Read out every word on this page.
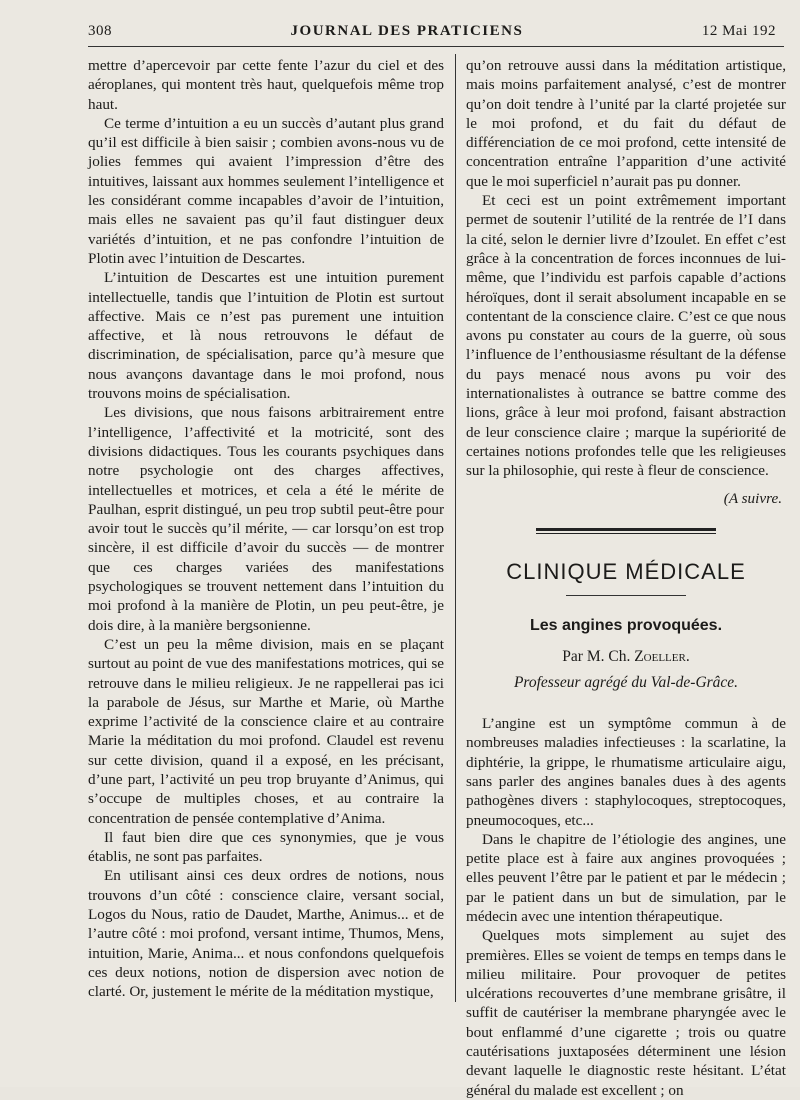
308	JOURNAL DES PRATICIENS	12 Mai 192

mettre d’apercevoir par cette fente l’azur du ciel et des aéroplanes, qui montent très haut, quelquefois même trop haut.

Ce terme d’intuition a eu un succès d’autant plus grand qu’il est difficile à bien saisir ; combien avons-nous vu de jolies femmes qui avaient l’impression d’être des intuitives, laissant aux hommes seulement l’intelligence et les considérant comme incapables d’avoir de l’intuition, mais elles ne savaient pas qu’il faut distinguer deux variétés d’intuition, et ne pas confondre l’intuition de Plotin avec l’intuition de Descartes.

L’intuition de Descartes est une intuition purement intellectuelle, tandis que l’intuition de Plotin est surtout affective. Mais ce n’est pas purement une intuition affective, et là nous retrouvons le défaut de discrimination, de spécialisation, parce qu’à mesure que nous avançons davantage dans le moi profond, nous trouvons moins de spécialisation.

Les divisions, que nous faisons arbitrairement entre l’intelligence, l’affectivité et la motricité, sont des divisions didactiques. Tous les courants psychiques dans notre psychologie ont des charges affectives, intellectuelles et motrices, et cela a été le mérite de Paulhan, esprit distingué, un peu trop subtil peut-être pour avoir tout le succès qu’il mérite, — car lorsqu’on est trop sincère, il est difficile d’avoir du succès — de montrer que ces charges variées des manifestations psychologiques se trouvent nettement dans l’intuition du moi profond à la manière de Plotin, un peu peut-être, je dois dire, à la manière bergsonienne.

C’est un peu la même division, mais en se plaçant surtout au point de vue des manifestations motrices, qui se retrouve dans le milieu religieux. Je ne rappellerai pas ici la parabole de Jésus, sur Marthe et Marie, où Marthe exprime l’activité de la conscience claire et au contraire Marie la méditation du moi profond. Claudel est revenu sur cette division, quand il a exposé, en les précisant, d’une part, l’activité un peu trop bruyante d’Animus, qui s’occupe de multiples choses, et au contraire la concentration de pensée contemplative d’Anima.

Il faut bien dire que ces synonymies, que je vous établis, ne sont pas parfaites.

En utilisant ainsi ces deux ordres de notions, nous trouvons d’un côté : conscience claire, versant social, Logos du Nous, ratio de Daudet, Marthe, Animus... et de l’autre côté : moi profond, versant intime, Thumos, Mens, intuition, Marie, Anima... et nous confondons quelquefois ces deux notions, notion de dispersion avec notion de clarté. Or, justement le mérite de la méditation mystique,

qu’on retrouve aussi dans la méditation artistique, mais moins parfaitement analysé, c’est de montrer qu’on doit tendre à l’unité par la clarté projetée sur le moi profond, et du fait du défaut de différenciation de ce moi profond, cette intensité de concentration entraîne l’apparition d’une activité que le moi superficiel n’aurait pas pu donner.

Et ceci est un point extrêmement important permet de soutenir l’utilité de la rentrée de l’I dans la cité, selon le dernier livre d’Izoulet. En effet c’est grâce à la concentration de forces inconnues de lui-même, que l’individu est parfois capable d’actions héroïques, dont il serait absolument incapable en se contentant de la conscience claire. C’est ce que nous avons pu constater au cours de la guerre, où sous l’influence de l’enthousiasme résultant de la défense du pays menacé nous avons pu voir des internationalistes à outrance se battre comme des lions, grâce à leur moi profond, faisant abstraction de leur conscience claire ; marque la supériorité de certaines notions profondes telle que les religieuses sur la philosophie, qui reste à fleur de conscience.

(A suivre.
CLINIQUE MÉDICALE
Les angines provoquées.
Par M. Ch. Zoeller.
Professeur agrégé du Val-de-Grâce.

L’angine est un symptôme commun à de nombreuses maladies infectieuses : la scarlatine, la diphtérie, la grippe, le rhumatisme articulaire aigu, sans parler des angines banales dues à des agents pathogènes divers : staphylocoques, streptocoques, pneumocoques, etc...

Dans le chapitre de l’étiologie des angines, une petite place est à faire aux angines provoquées ; elles peuvent l’être par le patient et par le médecin ; par le patient dans un but de simulation, par le médecin avec une intention thérapeutique.

Quelques mots simplement au sujet des premières. Elles se voient de temps en temps dans le milieu militaire. Pour provoquer de petites ulcérations recouvertes d’une membrane grisâtre, il suffit de cautériser la membrane pharyngée avec le bout enflammé d’une cigarette ; trois ou quatre cautérisations juxtaposées déterminent une lésion devant laquelle le diagnostic reste hésitant. L’état général du malade est excellent ; on
